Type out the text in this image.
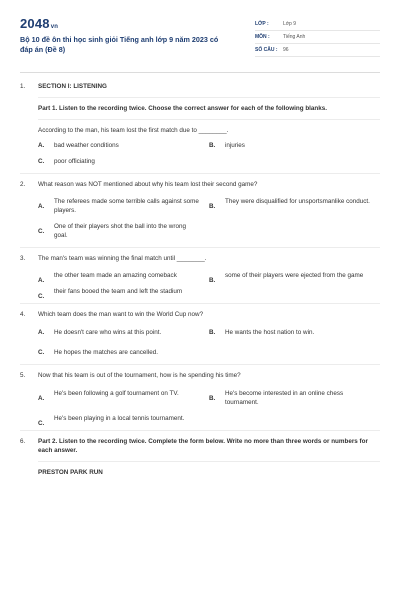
2048vn
Bộ 10 đề ôn thi học sinh giỏi Tiếng anh lớp 9 năm 2023 có đáp án (Đề 8)
LỚP :	Lớp 9
MÔN :	Tiếng Anh
SỐ CÂU : 96
1. SECTION I: LISTENING
Part 1. Listen to the recording twice. Choose the correct answer for each of the following blanks.
According to the man, his team lost the first match due to ________.
A. bad weather conditions	B. injuries
C. poor officiating
2. What reason was NOT mentioned about why his team lost their second game?
A.
The referees made some terrible calls against some players.
B.
They were disqualified for unsportsmanlike conduct.
C.
One of their players shot the ball into the wrong goal.
3. The man's team was winning the final match until ________.
A.
the other team made an amazing comeback
B.
some of their players were ejected from the game
C.
their fans booed the team and left the stadium
4. Which team does the man want to win the World Cup now?
A. He doesn't care who wins at this point.	B. He wants the host nation to win.
C. He hopes the matches are cancelled.
5. Now that his team is out of the tournament, how is he spending his time?
A.
He's been following a golf tournament on TV.
B.
He's become interested in an online chess tournament.
C.
He's been playing in a local tennis tournament.
6. Part 2. Listen to the recording twice. Complete the form below. Write no more than three words or numbers for each answer.
PRESTON PARK RUN
